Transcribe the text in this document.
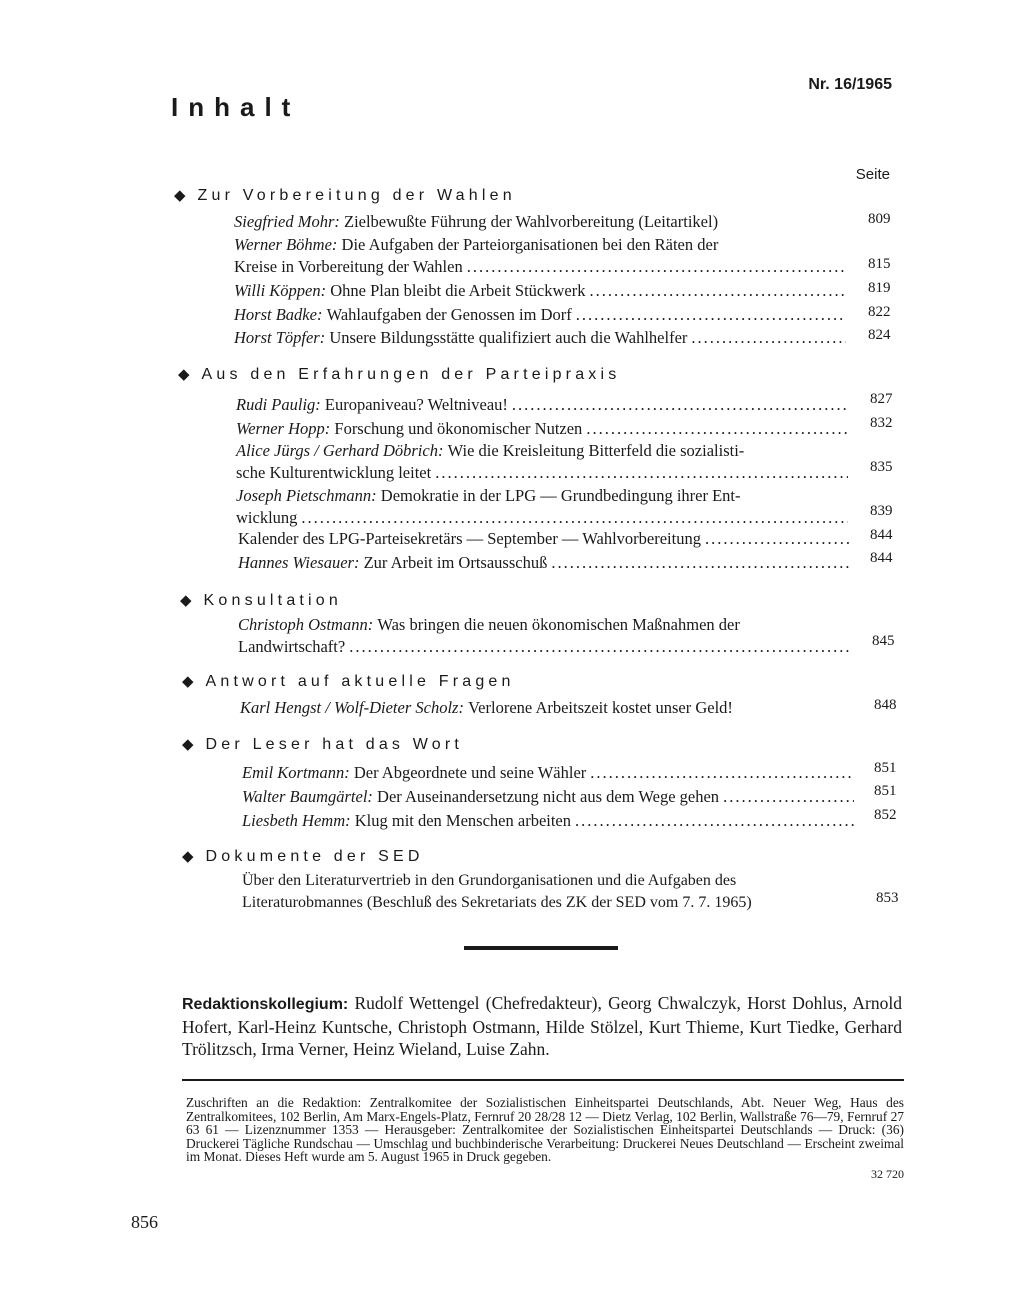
Nr. 16/1965
Inhalt
Seite
◆ Zur Vorbereitung der Wahlen
Siegfried Mohr:
Zielbewußte Führung der Wahlvorbereitung (Leitartikel)	809
Werner Böhme:
Die Aufgaben der Parteiorganisationen bei den Räten der
Kreise in Vorbereitung der Wahlen .....	815
Willi Köppen:
Ohne Plan bleibt die Arbeit Stückwerk .....	819
Horst Badke:
Wahlaufgaben der Genossen im Dorf .....	822
Horst Töpfer:
Unsere Bildungsstätte qualifiziert auch die Wahlhelfer .....	824
◆ Aus den Erfahrungen der Parteipraxis
Rudi Paulig:
Europaniveau? Weltniveau! .....	827
Werner Hopp:
Forschung und ökonomischer Nutzen .....	832
Alice Jürgs / Gerhard Döbrich:
Wie die Kreisleitung Bitterfeld die sozialisti-
sche Kulturentwicklung leitet .....	835
Joseph Pietschmann:
Demokratie in der LPG — Grundbedingung ihrer Ent-
wicklung .....	839
Kalender des LPG-Parteisekretärs — September — Wahlvorbereitung .....	844
Hannes Wiesauer:
Zur Arbeit im Ortsausschuß .....	844
◆ Konsultation
Christoph Ostmann:
Was bringen die neuen ökonomischen Maßnahmen der
Landwirtschaft? .....	845
◆ Antwort auf aktuelle Fragen
Karl Hengst / Wolf-Dieter Scholz:
Verlorene Arbeitszeit kostet unser Geld!	848
◆ Der Leser hat das Wort
Emil Kortmann:
Der Abgeordnete und seine Wähler .....	851
Walter Baumgärtel:
Der Auseinandersetzung nicht aus dem Wege gehen .....	851
Liesbeth Hemm:
Klug mit den Menschen arbeiten .....	852
◆ Dokumente der SED
Über den Literaturvertrieb in den Grundorganisationen und die Aufgaben des
Literaturobmannes (Beschluß des Sekretariats des ZK der SED vom 7. 7. 1965)	853
Redaktionskollegium: Rudolf Wettengel (Chefredakteur), Georg Chwalczyk, Horst Dohlus, Arnold Hofert, Karl-Heinz Kuntsche, Christoph Ostmann, Hilde Stölzel, Kurt Thieme, Kurt Tiedke, Gerhard Trölitzsch, Irma Verner, Heinz Wieland, Luise Zahn.
Zuschriften an die Redaktion: Zentralkomitee der Sozialistischen Einheitspartei Deutschlands, Abt. Neuer Weg, Haus des Zentralkomitees, 102 Berlin, Am Marx-Engels-Platz, Fernruf 20 28/28 12 — Dietz Verlag, 102 Berlin, Wallstraße 76—79, Fernruf 27 63 61 — Lizenznummer 1353 — Herausgeber: Zentralkomitee der Sozialistischen Einheitspartei Deutschlands — Druck: (36) Druckerei Tägliche Rundschau — Umschlag und buchbinderische Verarbeitung: Druckerei Neues Deutschland — Erscheint zweimal im Monat. Dieses Heft wurde am 5. August 1965 in Druck gegeben.
32 720
856
